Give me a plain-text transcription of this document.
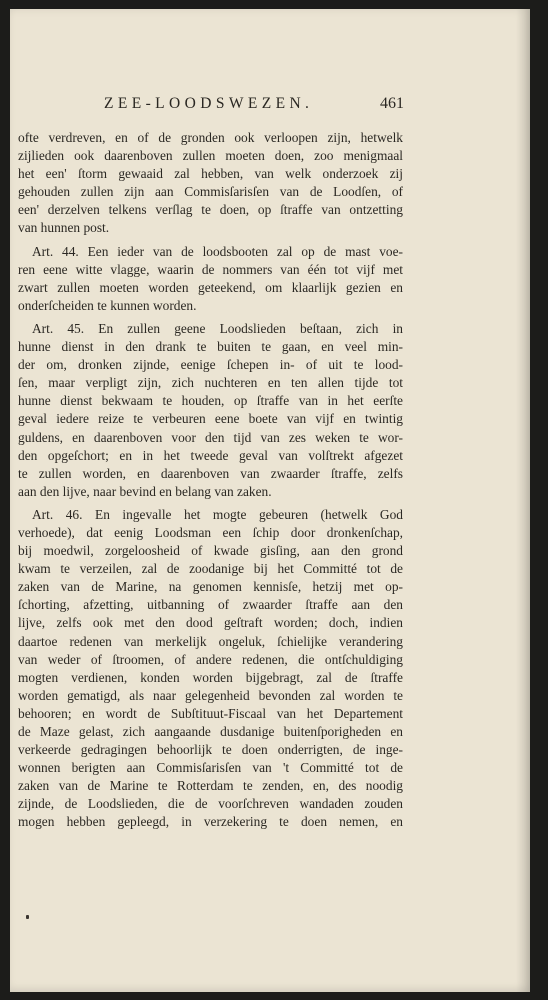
ZEE-LOODSWEZEN.	461
ofte verdreven, en of de gronden ook verloopen zijn, hetwelk
zijlieden ook daarenboven zullen moeten doen, zoo menigmaal
het een' ſtorm gewaaid zal hebben, van welk onderzoek zij
gehouden zullen zijn aan Commisſarisſen van de Loodſen, of
een' derzelven telkens verſlag te doen, op ſtraffe van ontzetting
van hunnen post.
Art. 44. Een ieder van de loodsbooten zal op de mast voe-
ren eene witte vlagge, waarin de nommers van één tot vijf met
zwart zullen moeten worden geteekend, om klaarlijk gezien en
onderſcheiden te kunnen worden.
Art. 45. En zullen geene Loodslieden beſtaan, zich in
hunne dienst in den drank te buiten te gaan, en veel min-
der om, dronken zijnde, eenige ſchepen in- of uit te lood-
ſen, maar verpligt zijn, zich nuchteren en ten allen tijde tot
hunne dienst bekwaam te houden, op ſtraffe van in het eerſte
geval iedere reize te verbeuren eene boete van vijf en twintig
guldens, en daarenboven voor den tijd van zes weken te wor-
den opgeſchort; en in het tweede geval van volſtrekt afgezet
te zullen worden, en daarenboven van zwaarder ſtraffe, zelfs
aan den lijve, naar bevind en belang van zaken.
Art. 46. En ingevalle het mogte gebeuren (hetwelk God
verhoede), dat eenig Loodsman een ſchip door dronkenſchap,
bij moedwil, zorgeloosheid of kwade gisſing, aan den grond
kwam te verzeilen, zal de zoodanige bij het Committé tot de
zaken van de Marine, na genomen kennisſe, hetzij met op-
ſchorting, afzetting, uitbanning of zwaarder ſtraffe aan den
lijve, zelfs ook met den dood geſtraft worden; doch, indien
daartoe redenen van merkelijk ongeluk, ſchielijke verandering
van weder of ſtroomen, of andere redenen, die ontſchuldiging
mogten verdienen, konden worden bijgebragt, zal de ſtraffe
worden gematigd, als naar gelegenheid bevonden zal worden te
behooren; en wordt de Subſtituut-Fiscaal van het Departement
de Maze gelast, zich aangaande dusdanige buitenſporigheden en
verkeerde gedragingen behoorlijk te doen onderrigten, de inge-
wonnen berigten aan Commisſarisſen van 't Committé tot de
zaken van de Marine te Rotterdam te zenden, en, des noodig
zijnde, de Loodslieden, die de voorſchreven wandaden zouden
mogen hebben gepleegd, in verzekering te doen nemen, en
